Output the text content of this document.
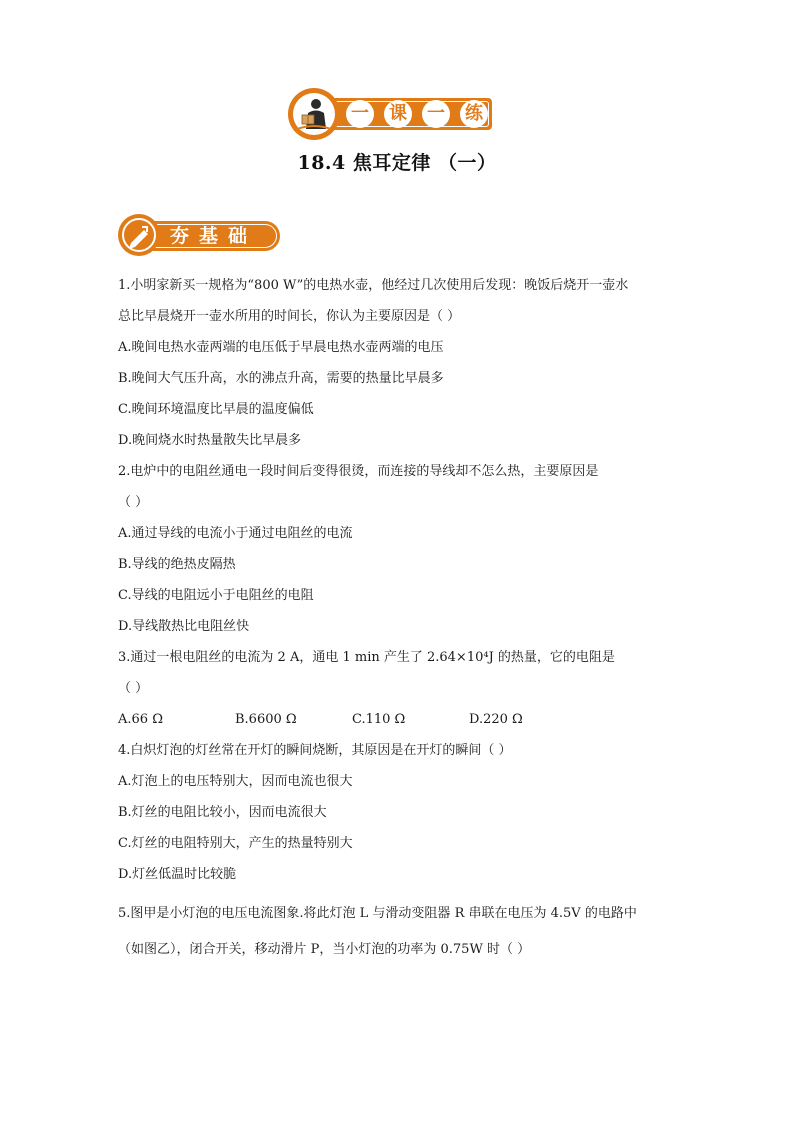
一 课 一 练
18.4 焦耳定律 （一）
夯基础
1.小明家新买一规格为“800 W”的电热水壶，他经过几次使用后发现：晚饭后烧开一壶水
总比早晨烧开一壶水所用的时间长，你认为主要原因是（ ）
A.晚间电热水壶两端的电压低于早晨电热水壶两端的电压
B.晚间大气压升高，水的沸点升高，需要的热量比早晨多
C.晚间环境温度比早晨的温度偏低
D.晚间烧水时热量散失比早晨多
2.电炉中的电阻丝通电一段时间后变得很烫，而连接的导线却不怎么热，主要原因是
（ ）
A.通过导线的电流小于通过电阻丝的电流
B.导线的绝热皮隔热
C.导线的电阻远小于电阻丝的电阻
D.导线散热比电阻丝快
3.通过一根电阻丝的电流为 2 A，通电 1 min 产生了 2.64×10⁴J 的热量，它的电阻是
（ ）
A.66 Ω	B.6600 Ω	C.110 Ω	D.220 Ω
4.白炽灯泡的灯丝常在开灯的瞬间烧断，其原因是在开灯的瞬间（ ）
A.灯泡上的电压特别大，因而电流也很大
B.灯丝的电阻比较小，因而电流很大
C.灯丝的电阻特别大，产生的热量特别大
D.灯丝低温时比较脆
5.图甲是小灯泡的电压电流图象.将此灯泡 L 与滑动变阻器 R 串联在电压为 4.5V 的电路中
（如图乙），闭合开关，移动滑片 P，当小灯泡的功率为 0.75W 时（ ）
